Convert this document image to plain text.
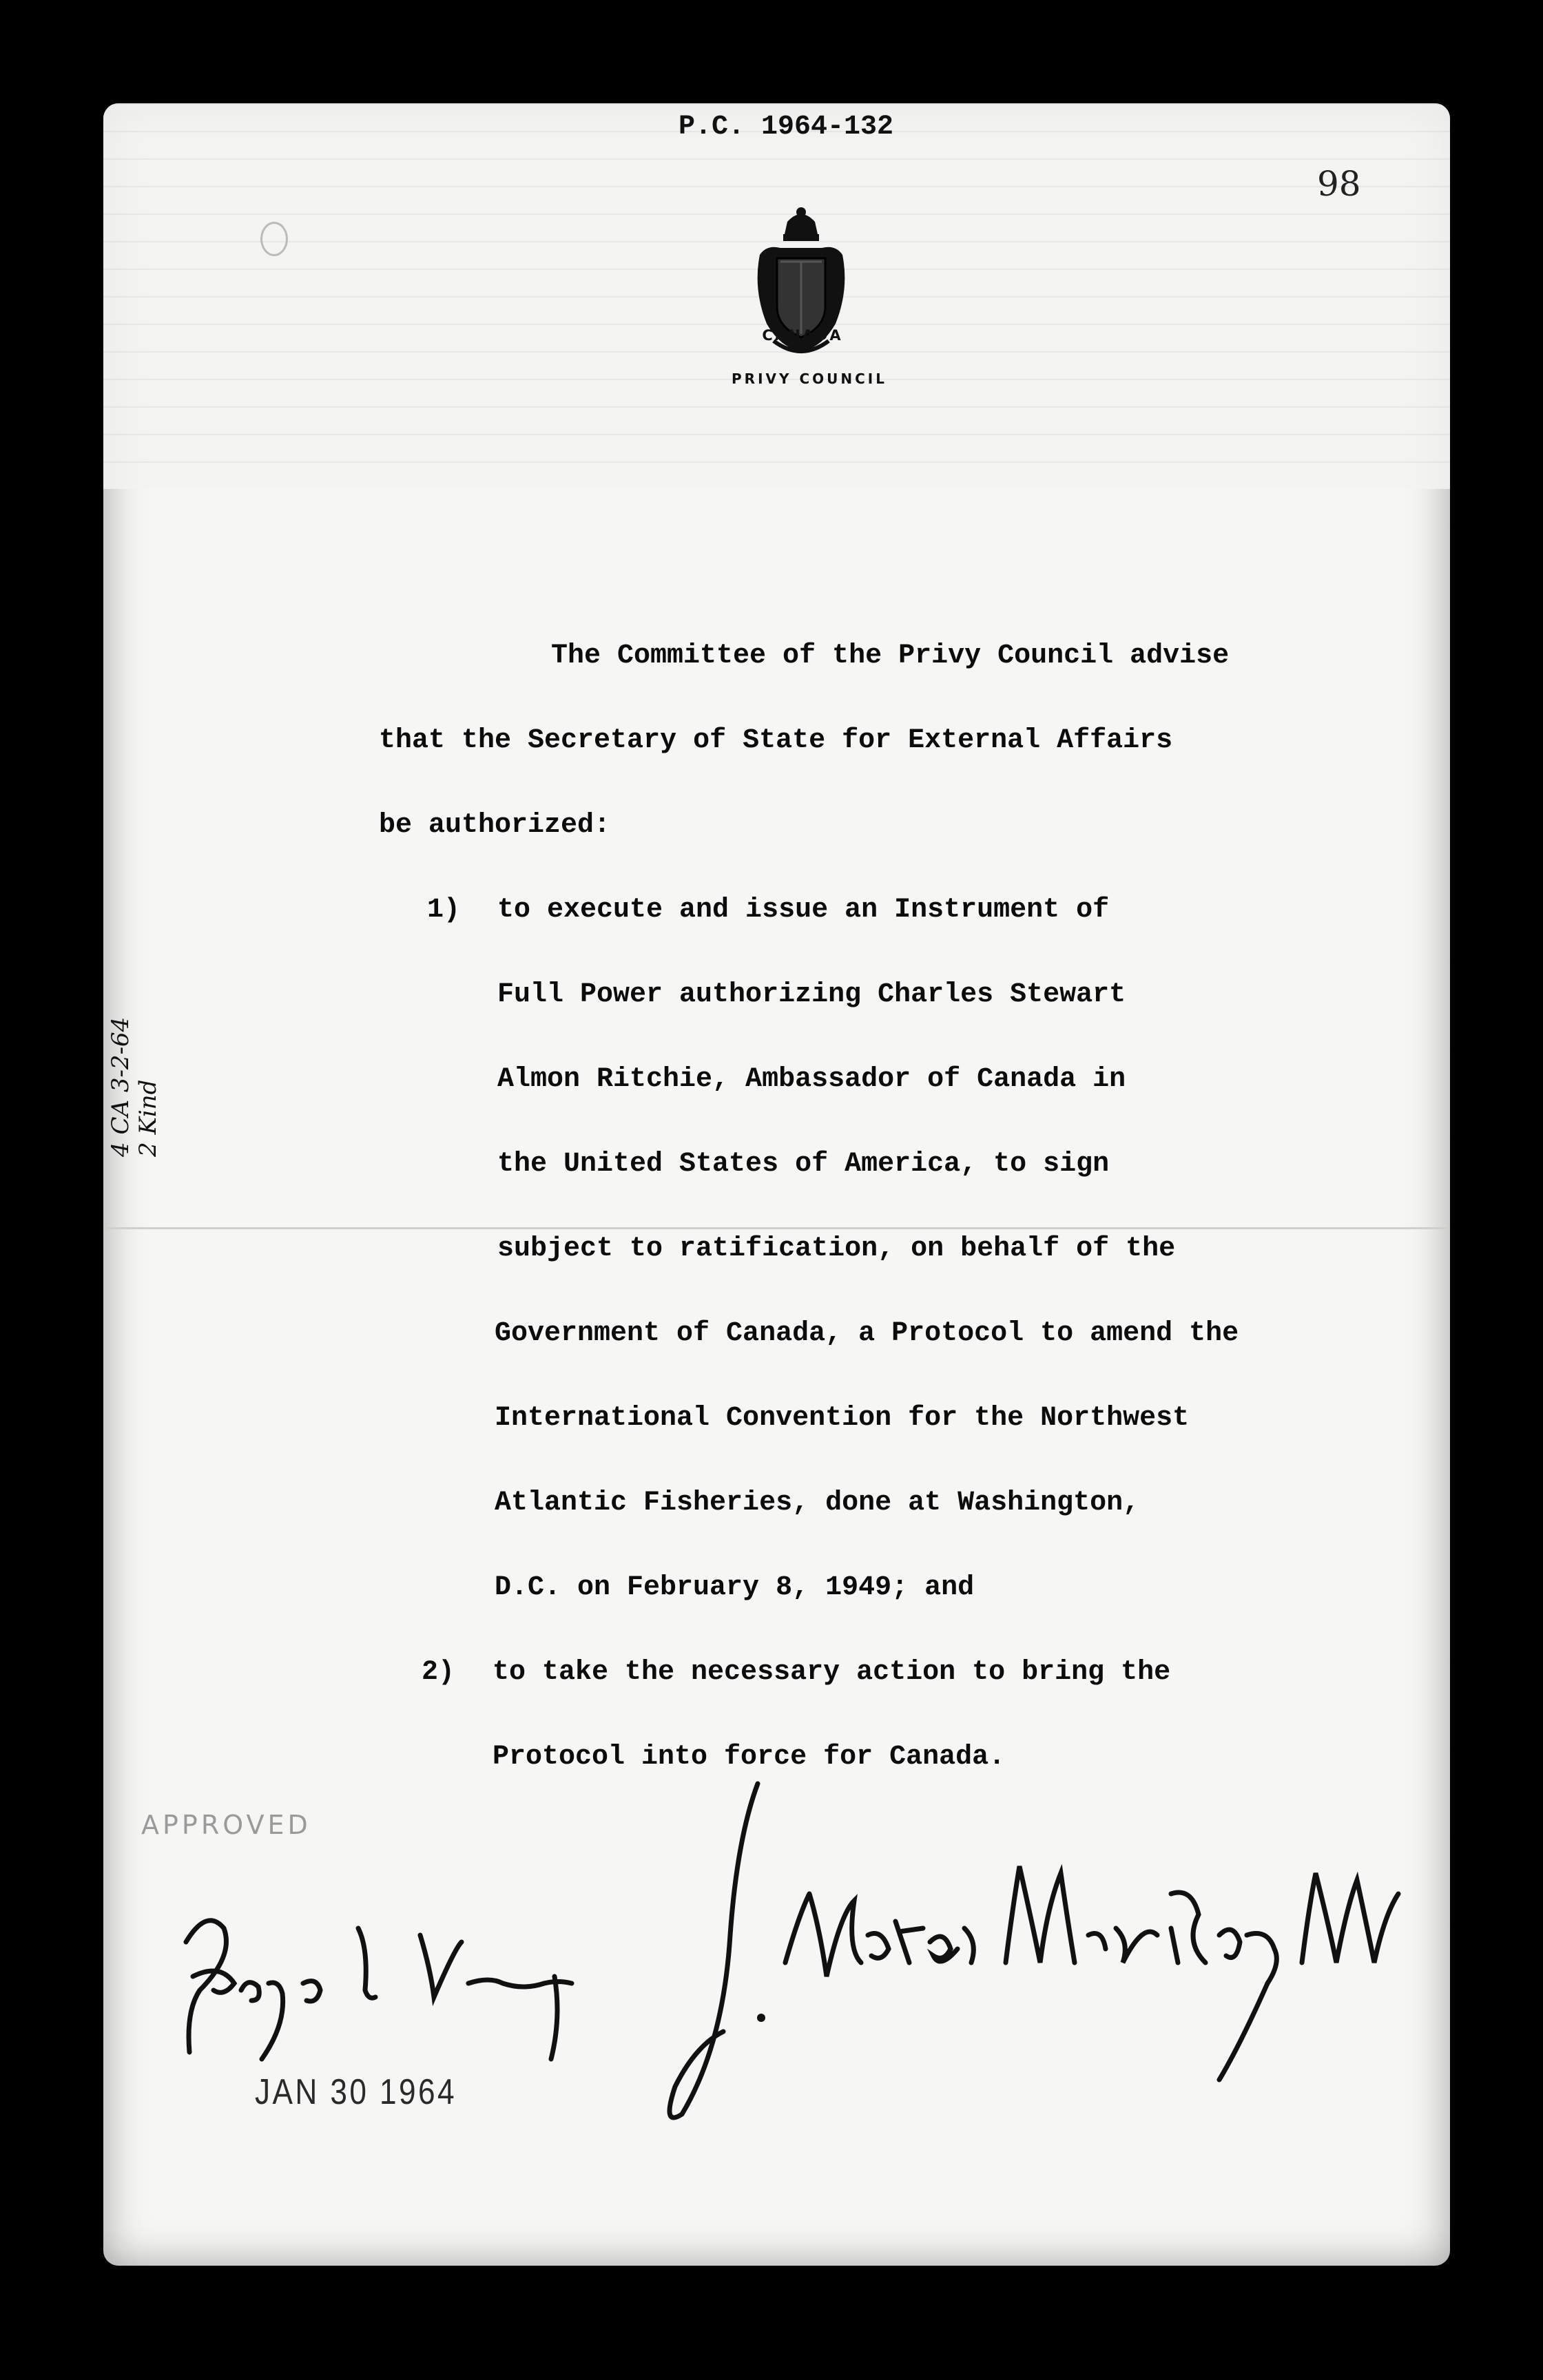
P.C. 1964-132
98
CANADA
PRIVY COUNCIL
The Committee of the Privy Council advise
that the Secretary of State for External Affairs
be authorized:
1) to execute and issue an Instrument of
Full Power authorizing Charles Stewart
Almon Ritchie, Ambassador of Canada in
the United States of America, to sign
subject to ratification, on behalf of the
Government of Canada, a Protocol to amend the
International Convention for the Northwest
Atlantic Fisheries, done at Washington,
D.C. on February 8, 1949; and
2) to take the necessary action to bring the
Protocol into force for Canada.
4 CA 3-2-64 2 Kind
APPROVED
JAN 30 1964
